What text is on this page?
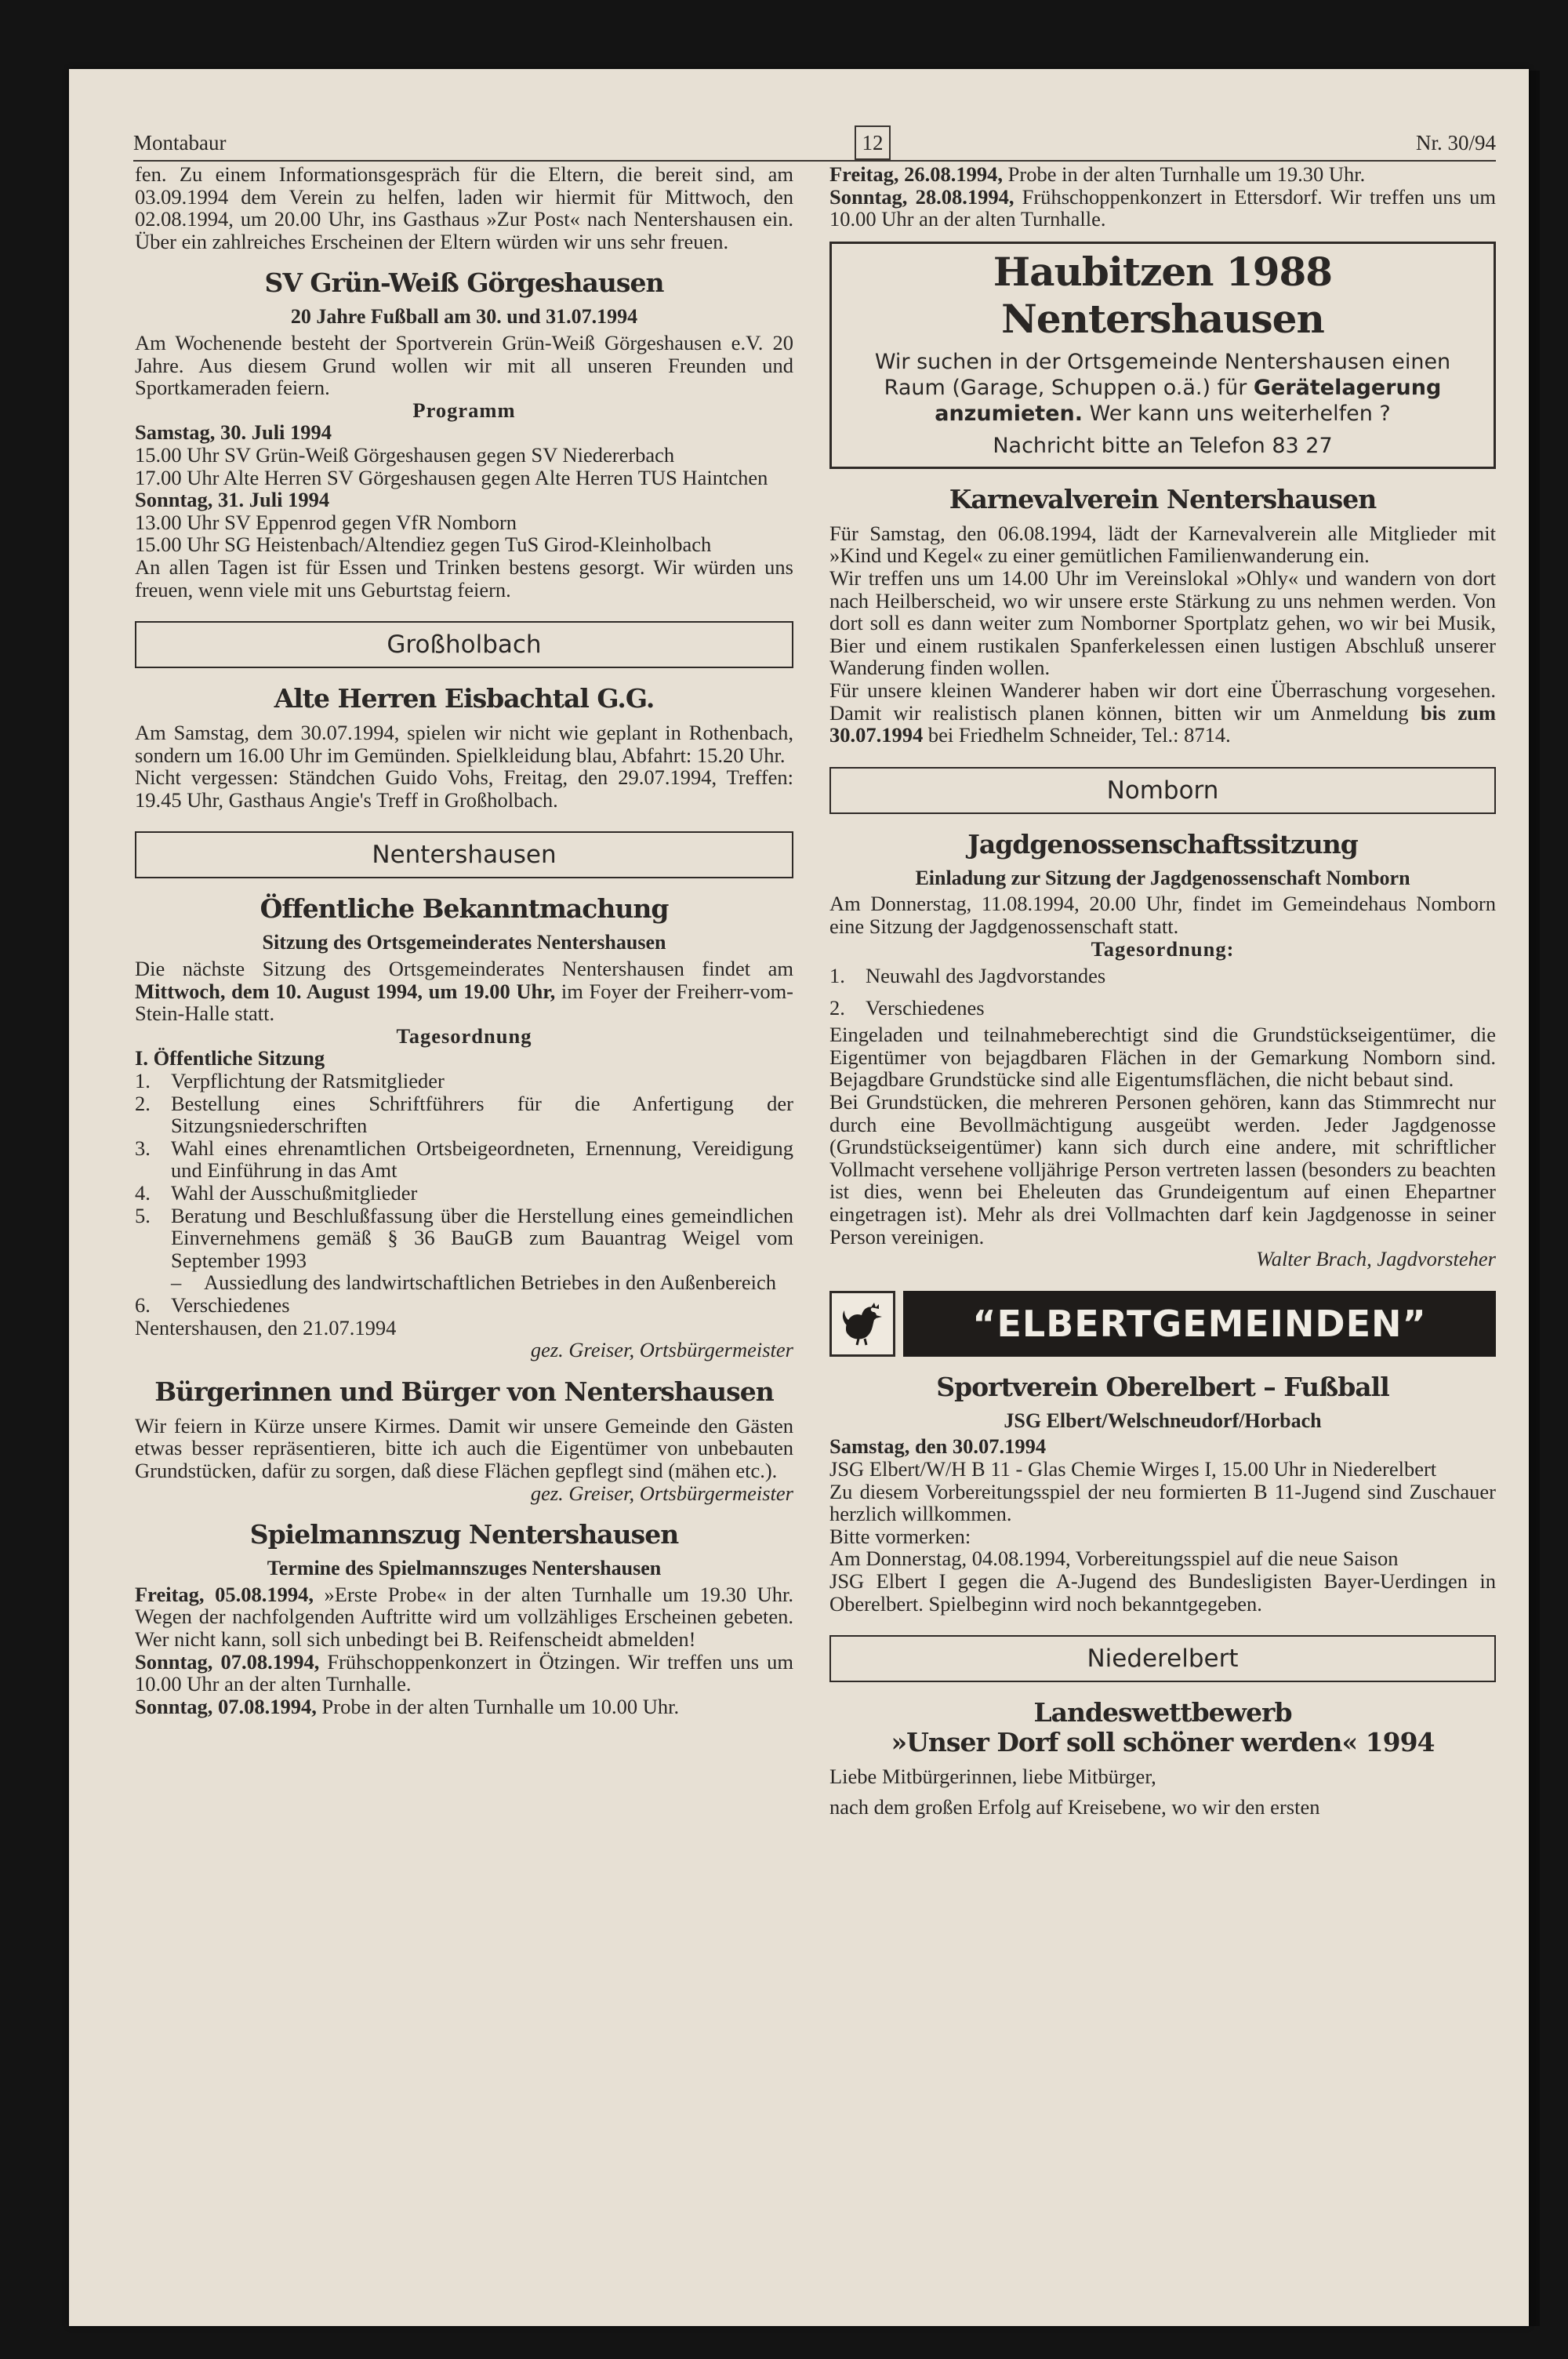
Montabaur	12	Nr. 30/94

fen. Zu einem Informationsgespräch für die Eltern, die bereit sind, am 03.09.1994 dem Verein zu helfen, laden wir hiermit für Mittwoch, den 02.08.1994, um 20.00 Uhr, ins Gasthaus »Zur Post« nach Nentershausen ein. Über ein zahlreiches Erscheinen der Eltern würden wir uns sehr freuen.

SV Grün-Weiß Görgeshausen
20 Jahre Fußball am 30. und 31.07.1994

Am Wochenende besteht der Sportverein Grün-Weiß Görgeshausen e.V. 20 Jahre. Aus diesem Grund wollen wir mit all unseren Freunden und Sportkameraden feiern.

Programm

Samstag, 30. Juli 1994

15.00 Uhr SV Grün-Weiß Görgeshausen gegen SV Niedererbach

17.00 Uhr Alte Herren SV Görgeshausen gegen Alte Herren TUS Haintchen

Sonntag, 31. Juli 1994

13.00 Uhr SV Eppenrod gegen VfR Nomborn

15.00 Uhr SG Heistenbach/Altendiez gegen TuS Girod-Kleinholbach

An allen Tagen ist für Essen und Trinken bestens gesorgt. Wir würden uns freuen, wenn viele mit uns Geburtstag feiern.

Großholbach
Alte Herren Eisbachtal G.G.

Am Samstag, dem 30.07.1994, spielen wir nicht wie geplant in Rothenbach, sondern um 16.00 Uhr im Gemünden. Spielkleidung blau, Abfahrt: 15.20 Uhr.

Nicht vergessen: Ständchen Guido Vohs, Freitag, den 29.07.1994, Treffen: 19.45 Uhr, Gasthaus Angie's Treff in Großholbach.

Nentershausen
Öffentliche Bekanntmachung
Sitzung des Ortsgemeinderates Nentershausen

Die nächste Sitzung des Ortsgemeinderates Nentershausen findet am Mittwoch, dem 10. August 1994, um 19.00 Uhr, im Foyer der Freiherr-vom-Stein-Halle statt.

Tagesordnung

I. Öffentliche Sitzung

1. Verpflichtung der Ratsmitglieder
2. Bestellung eines Schriftführers für die Anfertigung der Sitzungsniederschriften
3. Wahl eines ehrenamtlichen Ortsbeigeordneten, Ernennung, Vereidigung und Einführung in das Amt
4. Wahl der Ausschußmitglieder
5. Beratung und Beschlußfassung über die Herstellung eines gemeindlichen Einvernehmens gemäß § 36 BauGB zum Bauantrag Weigel vom September 1993
–	Aussiedlung des landwirtschaftlichen Betriebes in den Außenbereich
6. Verschiedenes

Nentershausen, den 21.07.1994

gez. Greiser, Ortsbürgermeister

Bürgerinnen und Bürger von Nentershausen

Wir feiern in Kürze unsere Kirmes. Damit wir unsere Gemeinde den Gästen etwas besser repräsentieren, bitte ich auch die Eigentümer von unbebauten Grundstücken, dafür zu sorgen, daß diese Flächen gepflegt sind (mähen etc.).

gez. Greiser, Ortsbürgermeister

Spielmannszug Nentershausen
Termine des Spielmannszuges Nentershausen

Freitag, 05.08.1994, »Erste Probe« in der alten Turnhalle um 19.30 Uhr. Wegen der nachfolgenden Auftritte wird um vollzähliges Erscheinen gebeten. Wer nicht kann, soll sich unbedingt bei B. Reifenscheidt abmelden!

Sonntag, 07.08.1994, Frühschoppenkonzert in Ötzingen. Wir treffen uns um 10.00 Uhr an der alten Turnhalle.

Sonntag, 07.08.1994, Probe in der alten Turnhalle um 10.00 Uhr.

Freitag, 26.08.1994, Probe in der alten Turnhalle um 19.30 Uhr.

Sonntag, 28.08.1994, Frühschoppenkonzert in Ettersdorf. Wir treffen uns um 10.00 Uhr an der alten Turnhalle.

Haubitzen 1988 Nentershausen
Wir suchen in der Ortsgemeinde Nentershausen einen
Raum (Garage, Schuppen o.ä.) für Gerätelagerung
anzumieten. Wer kann uns weiterhelfen ?
Nachricht bitte an Telefon 83 27
Karnevalverein Nentershausen

Für Samstag, den 06.08.1994, lädt der Karnevalverein alle Mitglieder mit »Kind und Kegel« zu einer gemütlichen Familienwanderung ein.

Wir treffen uns um 14.00 Uhr im Vereinslokal »Ohly« und wandern von dort nach Heilberscheid, wo wir unsere erste Stärkung zu uns nehmen werden. Von dort soll es dann weiter zum Nomborner Sportplatz gehen, wo wir bei Musik, Bier und einem rustikalen Spanferkelessen einen lustigen Abschluß unserer Wanderung finden wollen.

Für unsere kleinen Wanderer haben wir dort eine Überraschung vorgesehen. Damit wir realistisch planen können, bitten wir um Anmeldung bis zum 30.07.1994 bei Friedhelm Schneider, Tel.: 8714.

Nomborn
Jagdgenossenschaftssitzung
Einladung zur Sitzung der Jagdgenossenschaft Nomborn

Am Donnerstag, 11.08.1994, 20.00 Uhr, findet im Gemeindehaus Nomborn eine Sitzung der Jagdgenossenschaft statt.

Tagesordnung:
1. Neuwahl des Jagdvorstandes
2. Verschiedenes

Eingeladen und teilnahmeberechtigt sind die Grundstückseigentümer, die Eigentümer von bejagdbaren Flächen in der Gemarkung Nomborn sind. Bejagdbare Grundstücke sind alle Eigentumsflächen, die nicht bebaut sind.

Bei Grundstücken, die mehreren Personen gehören, kann das Stimmrecht nur durch eine Bevollmächtigung ausgeübt werden. Jeder Jagdgenosse (Grundstückseigentümer) kann sich durch eine andere, mit schriftlicher Vollmacht versehene volljährige Person vertreten lassen (besonders zu beachten ist dies, wenn bei Eheleuten das Grundeigentum auf einen Ehepartner eingetragen ist). Mehr als drei Vollmachten darf kein Jagdgenosse in seiner Person vereinigen.

Walter Brach, Jagdvorsteher

“ELBERTGEMEINDEN”
Sportverein Oberelbert – Fußball
JSG Elbert/Welschneudorf/Horbach

Samstag, den 30.07.1994

JSG Elbert/W/H B 11 - Glas Chemie Wirges I, 15.00 Uhr in Niederelbert

Zu diesem Vorbereitungsspiel der neu formierten B 11-Jugend sind Zuschauer herzlich willkommen.

Bitte vormerken:

Am Donnerstag, 04.08.1994, Vorbereitungsspiel auf die neue Saison

JSG Elbert I gegen die A-Jugend des Bundesligisten Bayer-Uerdingen in Oberelbert. Spielbeginn wird noch bekanntgegeben.

Niederelbert
Landeswettbewerb
»Unser Dorf soll schöner werden« 1994

Liebe Mitbürgerinnen, liebe Mitbürger,

nach dem großen Erfolg auf Kreisebene, wo wir den ersten
